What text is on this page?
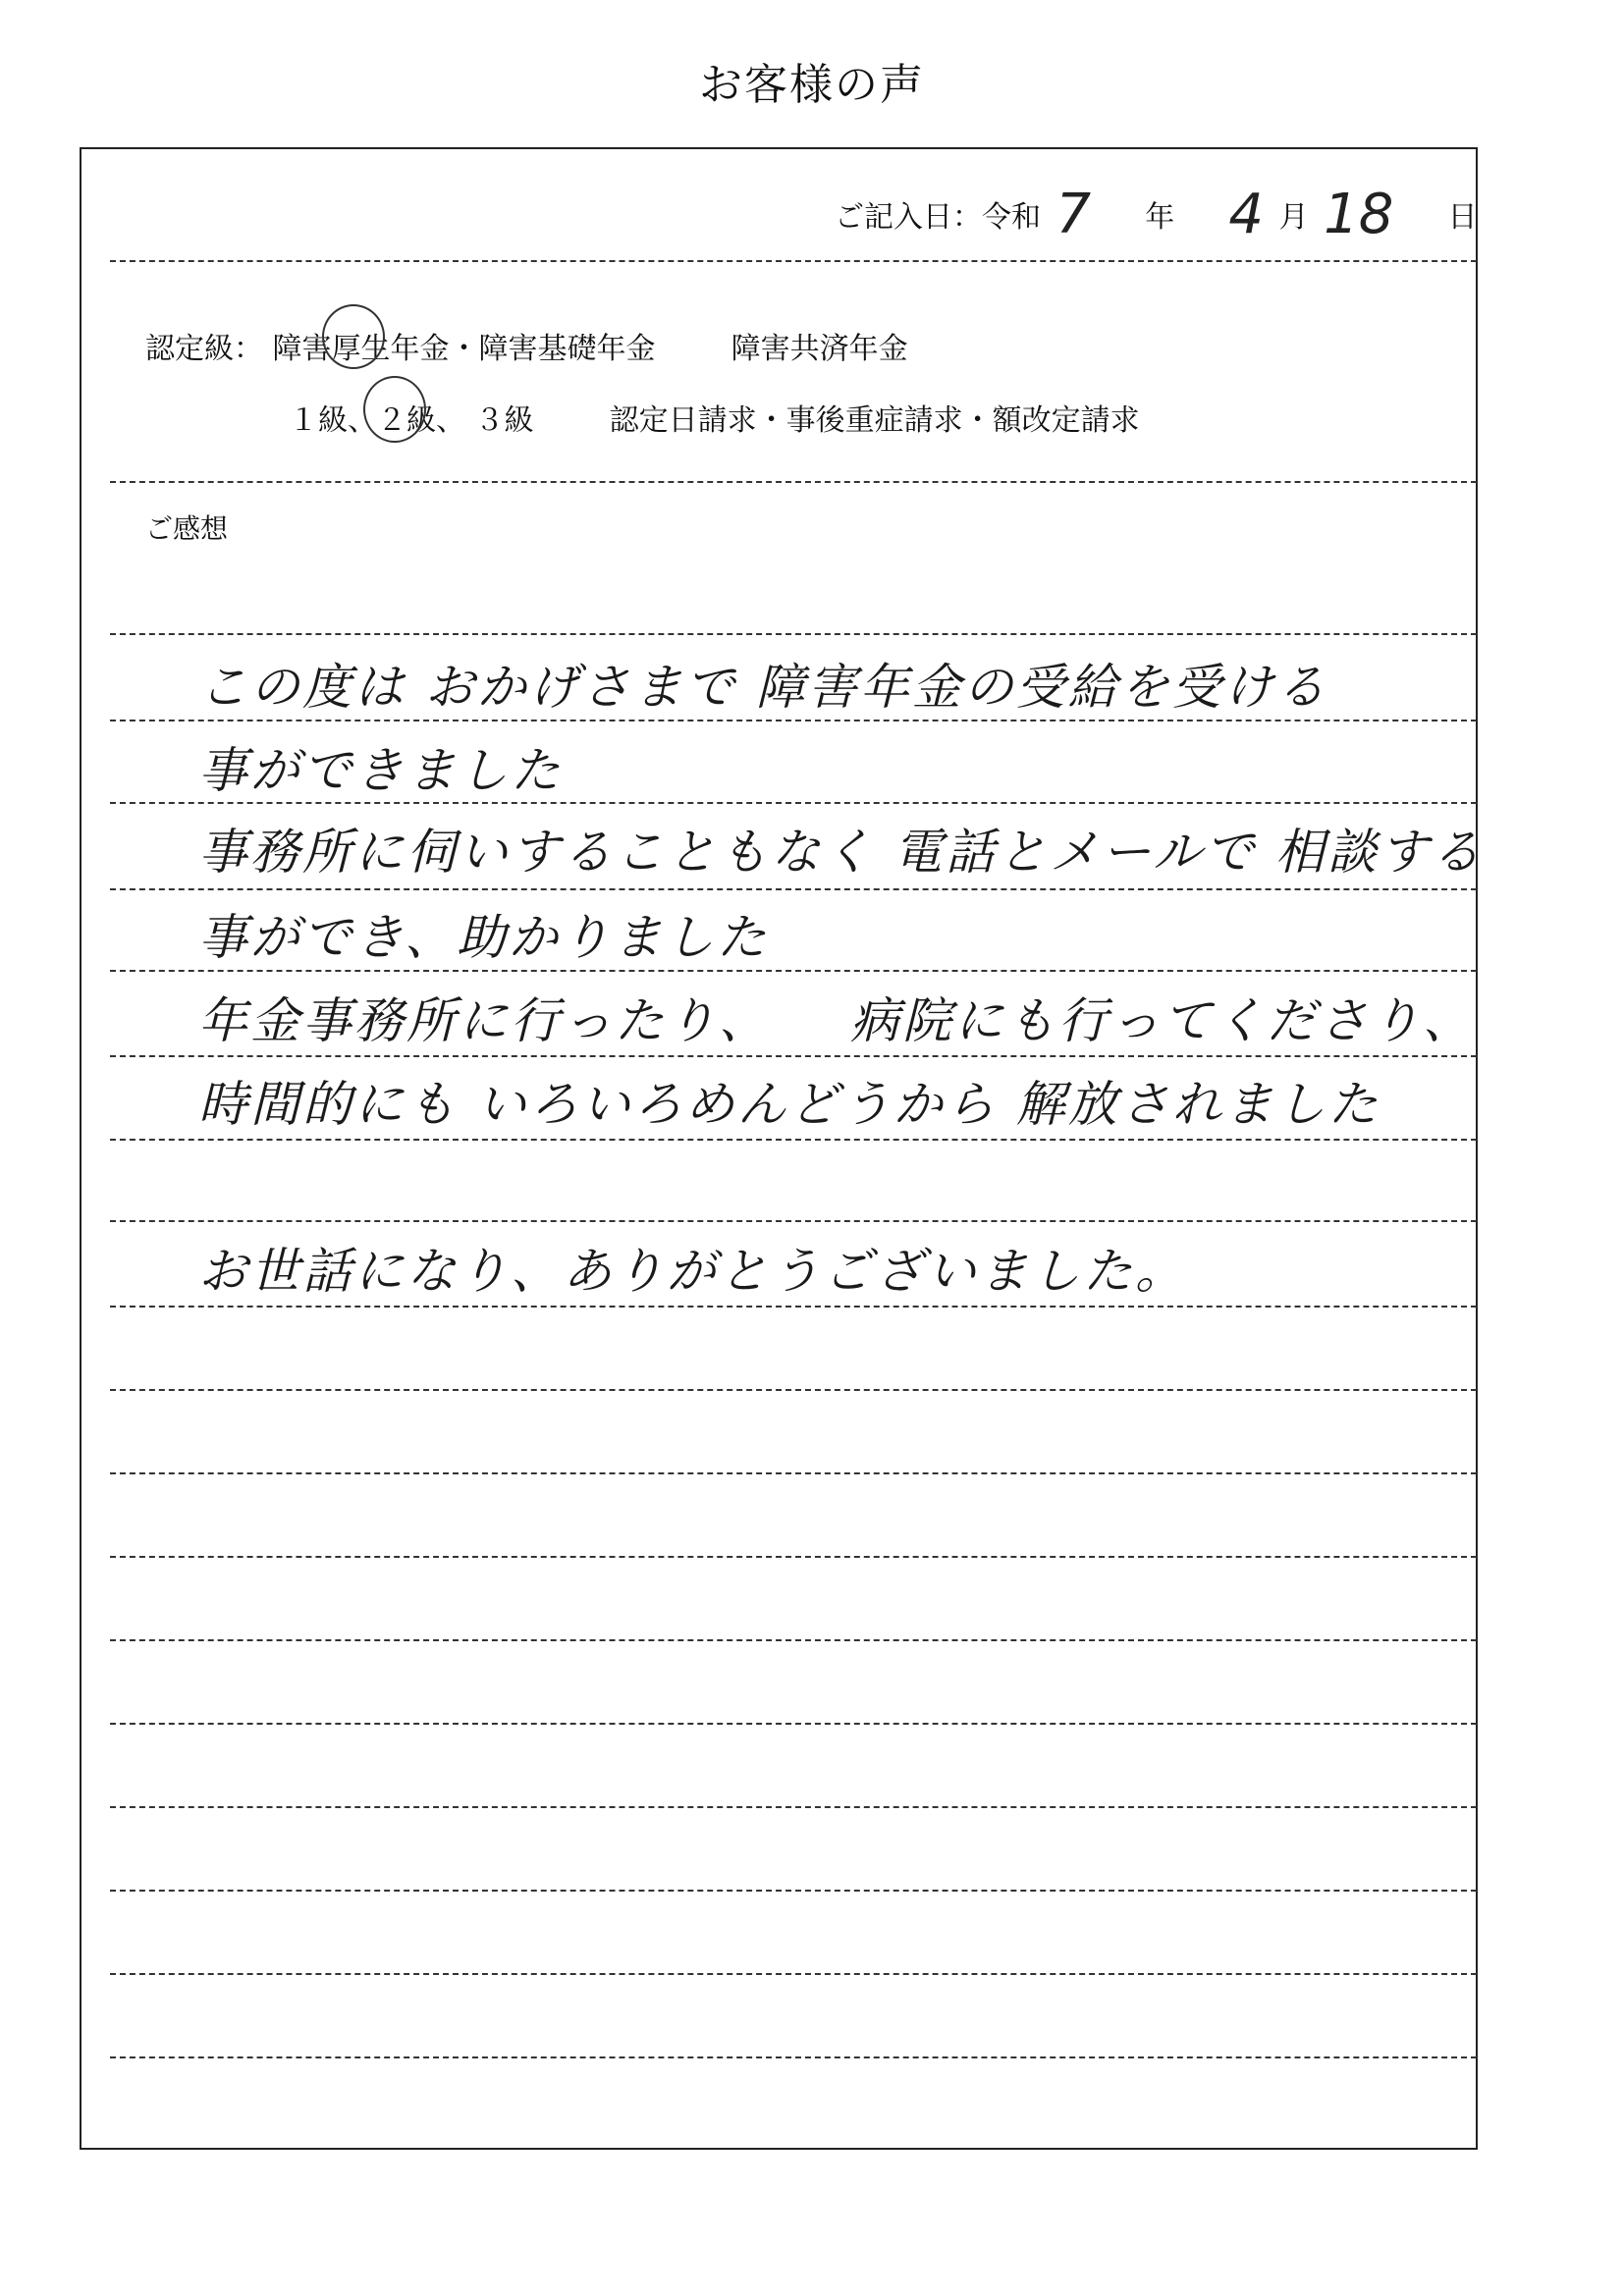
お客様の声
ご記入日：令和 7 年 4 月 18 日
認定級： 障害
厚生年金・障害基礎年金	障害共済年金
１級、
２級、 ３級	認定日請求・事後重症請求・額改定請求
ご感想
この度は おかげさまで 障害年金の受給を受ける
事ができました
事務所に伺いすることもなく 電話とメールで 相談する
事ができ、助かりました
年金事務所に行ったり、　　病院にも行ってくださり、
時間的にも いろいろめんどうから 解放されました
お世話になり、ありがとうございました。
